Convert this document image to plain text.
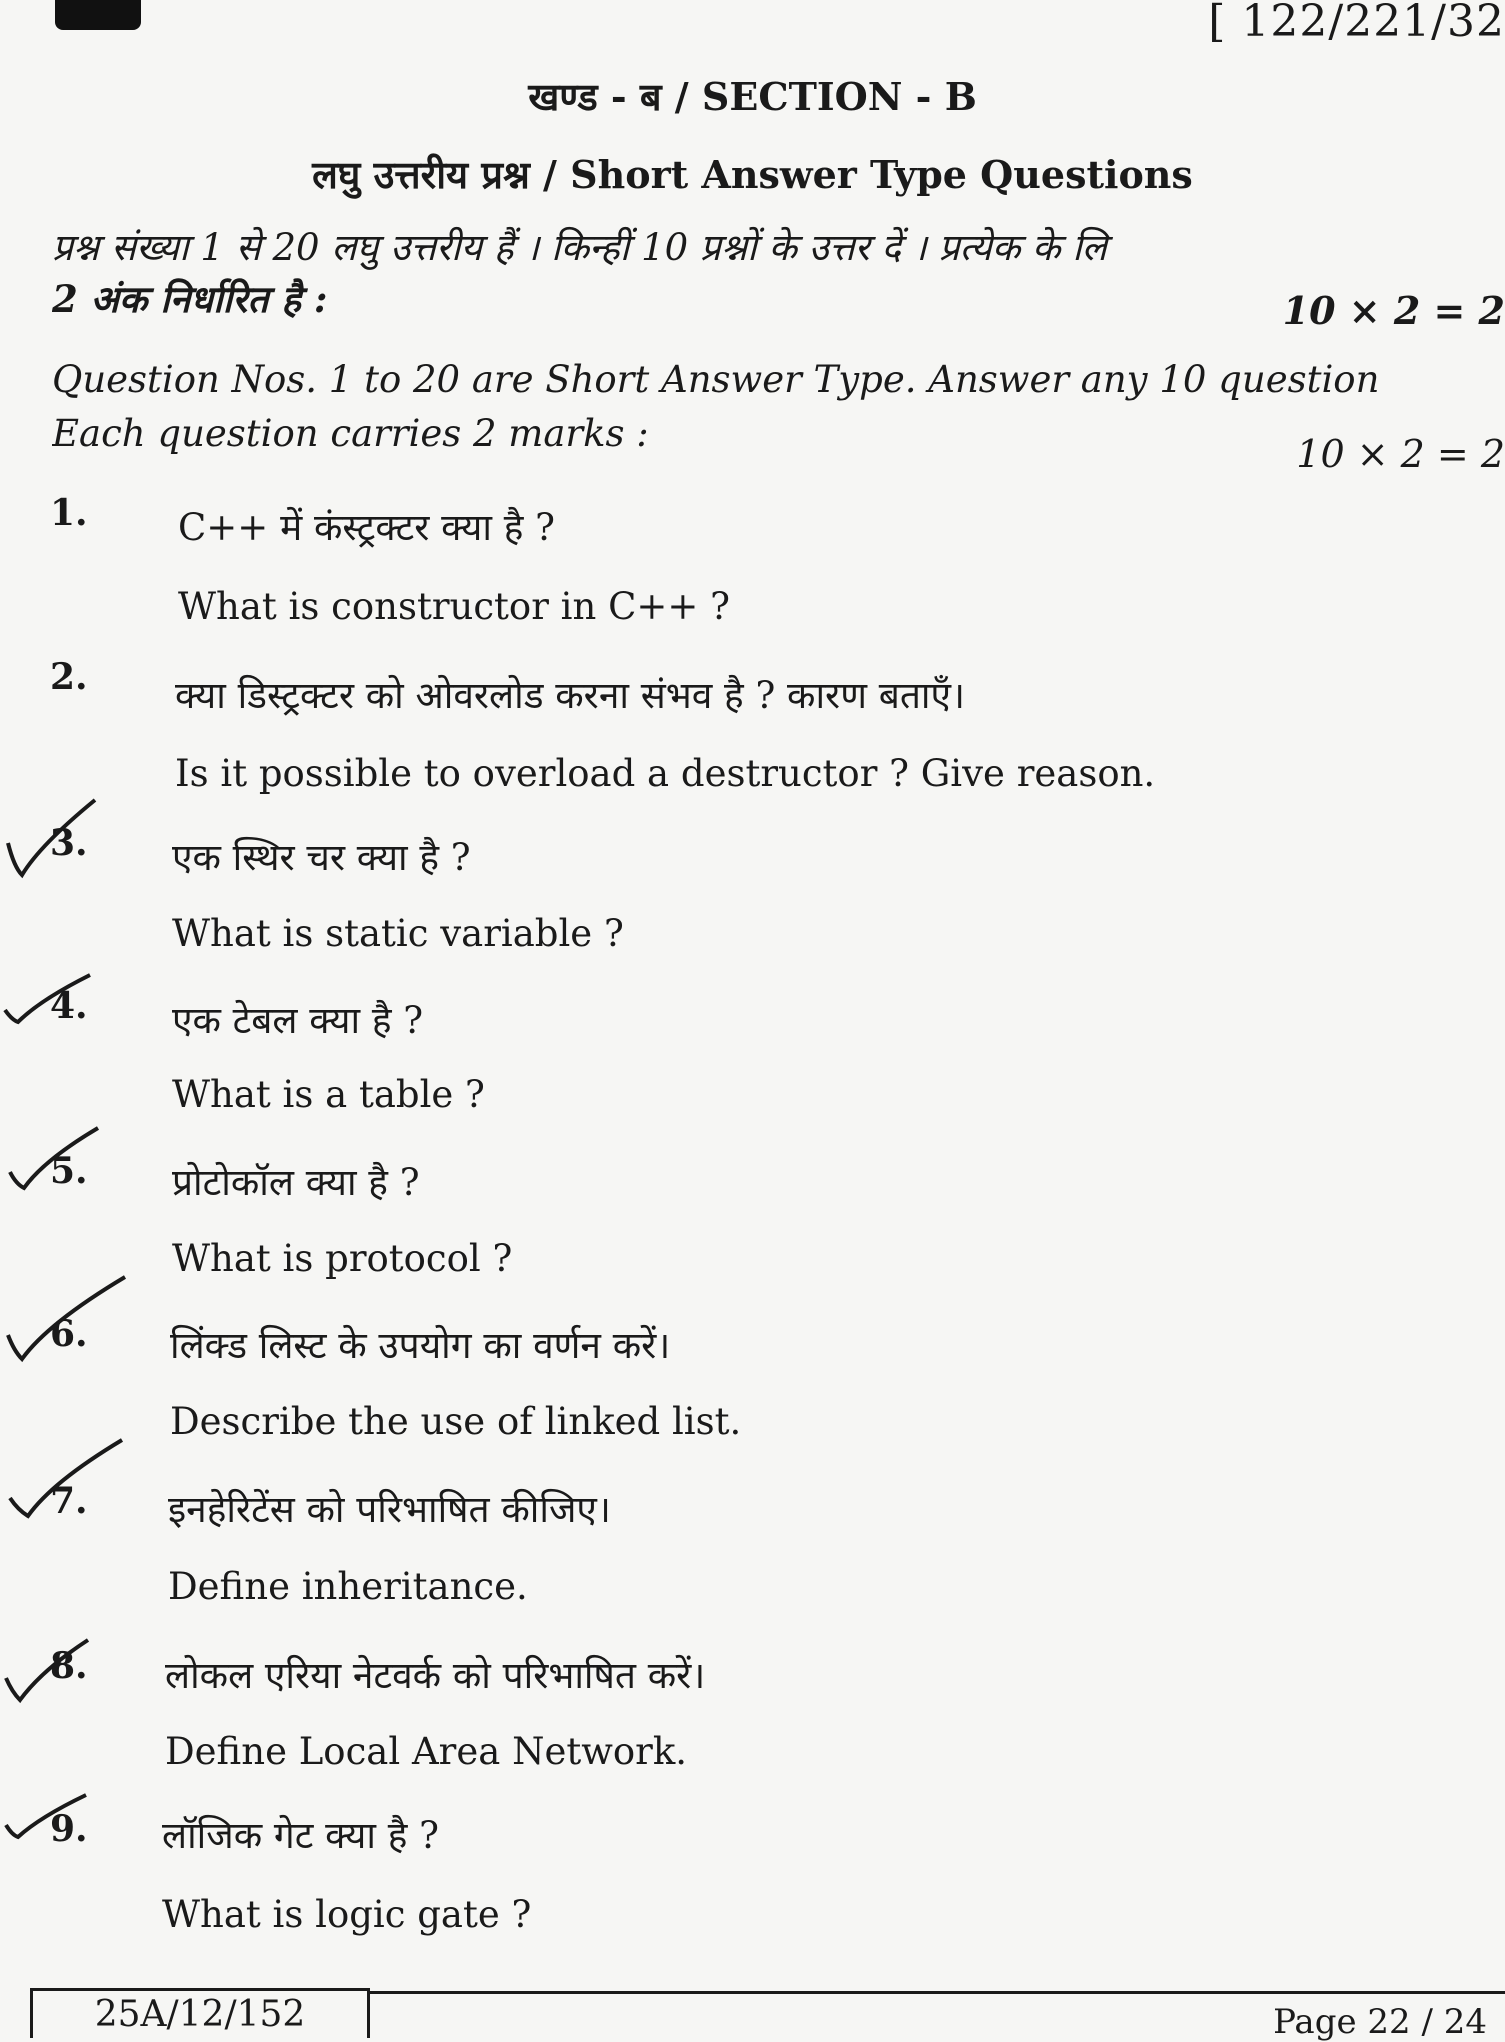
[ 122/221/32
खण्ड - ब / SECTION - B
लघु उत्तरीय प्रश्न / Short Answer Type Questions
प्रश्न संख्या 1 से 20 लघु उत्तरीय हैं । किन्हीं 10 प्रश्नों के उत्तर दें । प्रत्येक के लि
2 अंक निर्धारित है :	10 × 2 = 2
Question Nos. 1 to 20 are Short Answer Type. Answer any 10 question
Each question carries 2 marks :	10 × 2 = 2
1.	C++ में कंस्ट्रक्टर क्या है ?
What is constructor in C++ ?
2.	क्या डिस्ट्रक्टर को ओवरलोड करना संभव है ? कारण बताएँ।
Is it possible to overload a destructor ? Give reason.
3.	एक स्थिर चर क्या है ?
What is static variable ?
4.	एक टेबल क्या है ?
What is a table ?
5.	प्रोटोकॉल क्या है ?
What is protocol ?
6.	लिंक्ड लिस्ट के उपयोग का वर्णन करें।
Describe the use of linked list.
7.	इनहेरिटेंस को परिभाषित कीजिए।
Define inheritance.
8.	लोकल एरिया नेटवर्क को परिभाषित करें।
Define Local Area Network.
9.	लॉजिक गेट क्या है ?
What is logic gate ?
25A/12/152	Page 22 / 24
